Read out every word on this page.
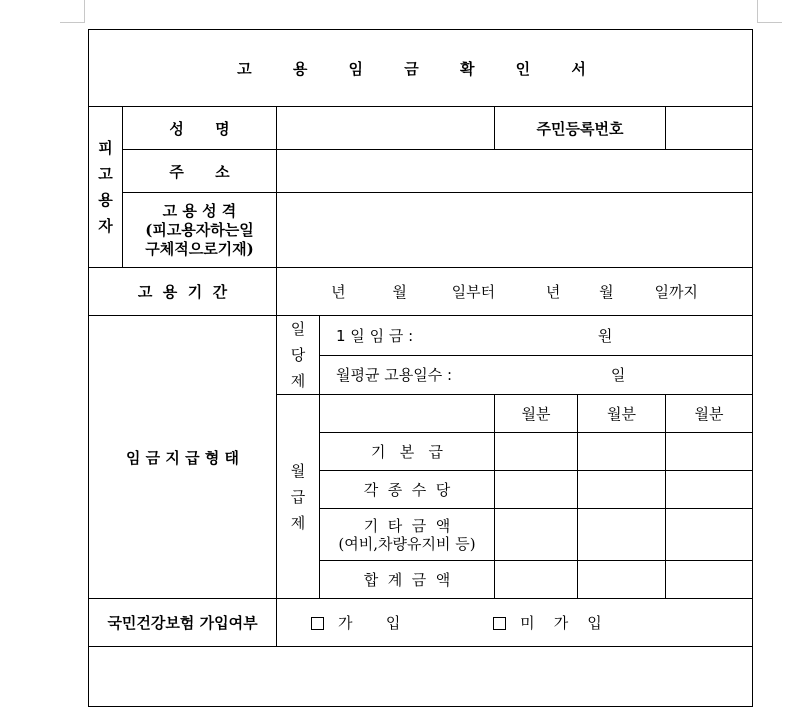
고 용 임 금 확 인 서						

피
고
용
자	성      명			주민등록번호		
	주      소					

	고 용 성 격
(피고용자하는일
구체적으로기재)					

고  용  기  간		년 월 일부터 년 월 일까지				
임 금 지 급 형 태		일
당
제	1 일 임 금 : 원			
			월평균 고용일수 : 일			

		월
급
제		월분	월분	월분
			기   본   급			
			각  종  수  당			

			기  타  금  액
(여비,차량유지비 등)			

			합  계  금  액			
국민건강보험 가입여부		가       입 미    가    입				
